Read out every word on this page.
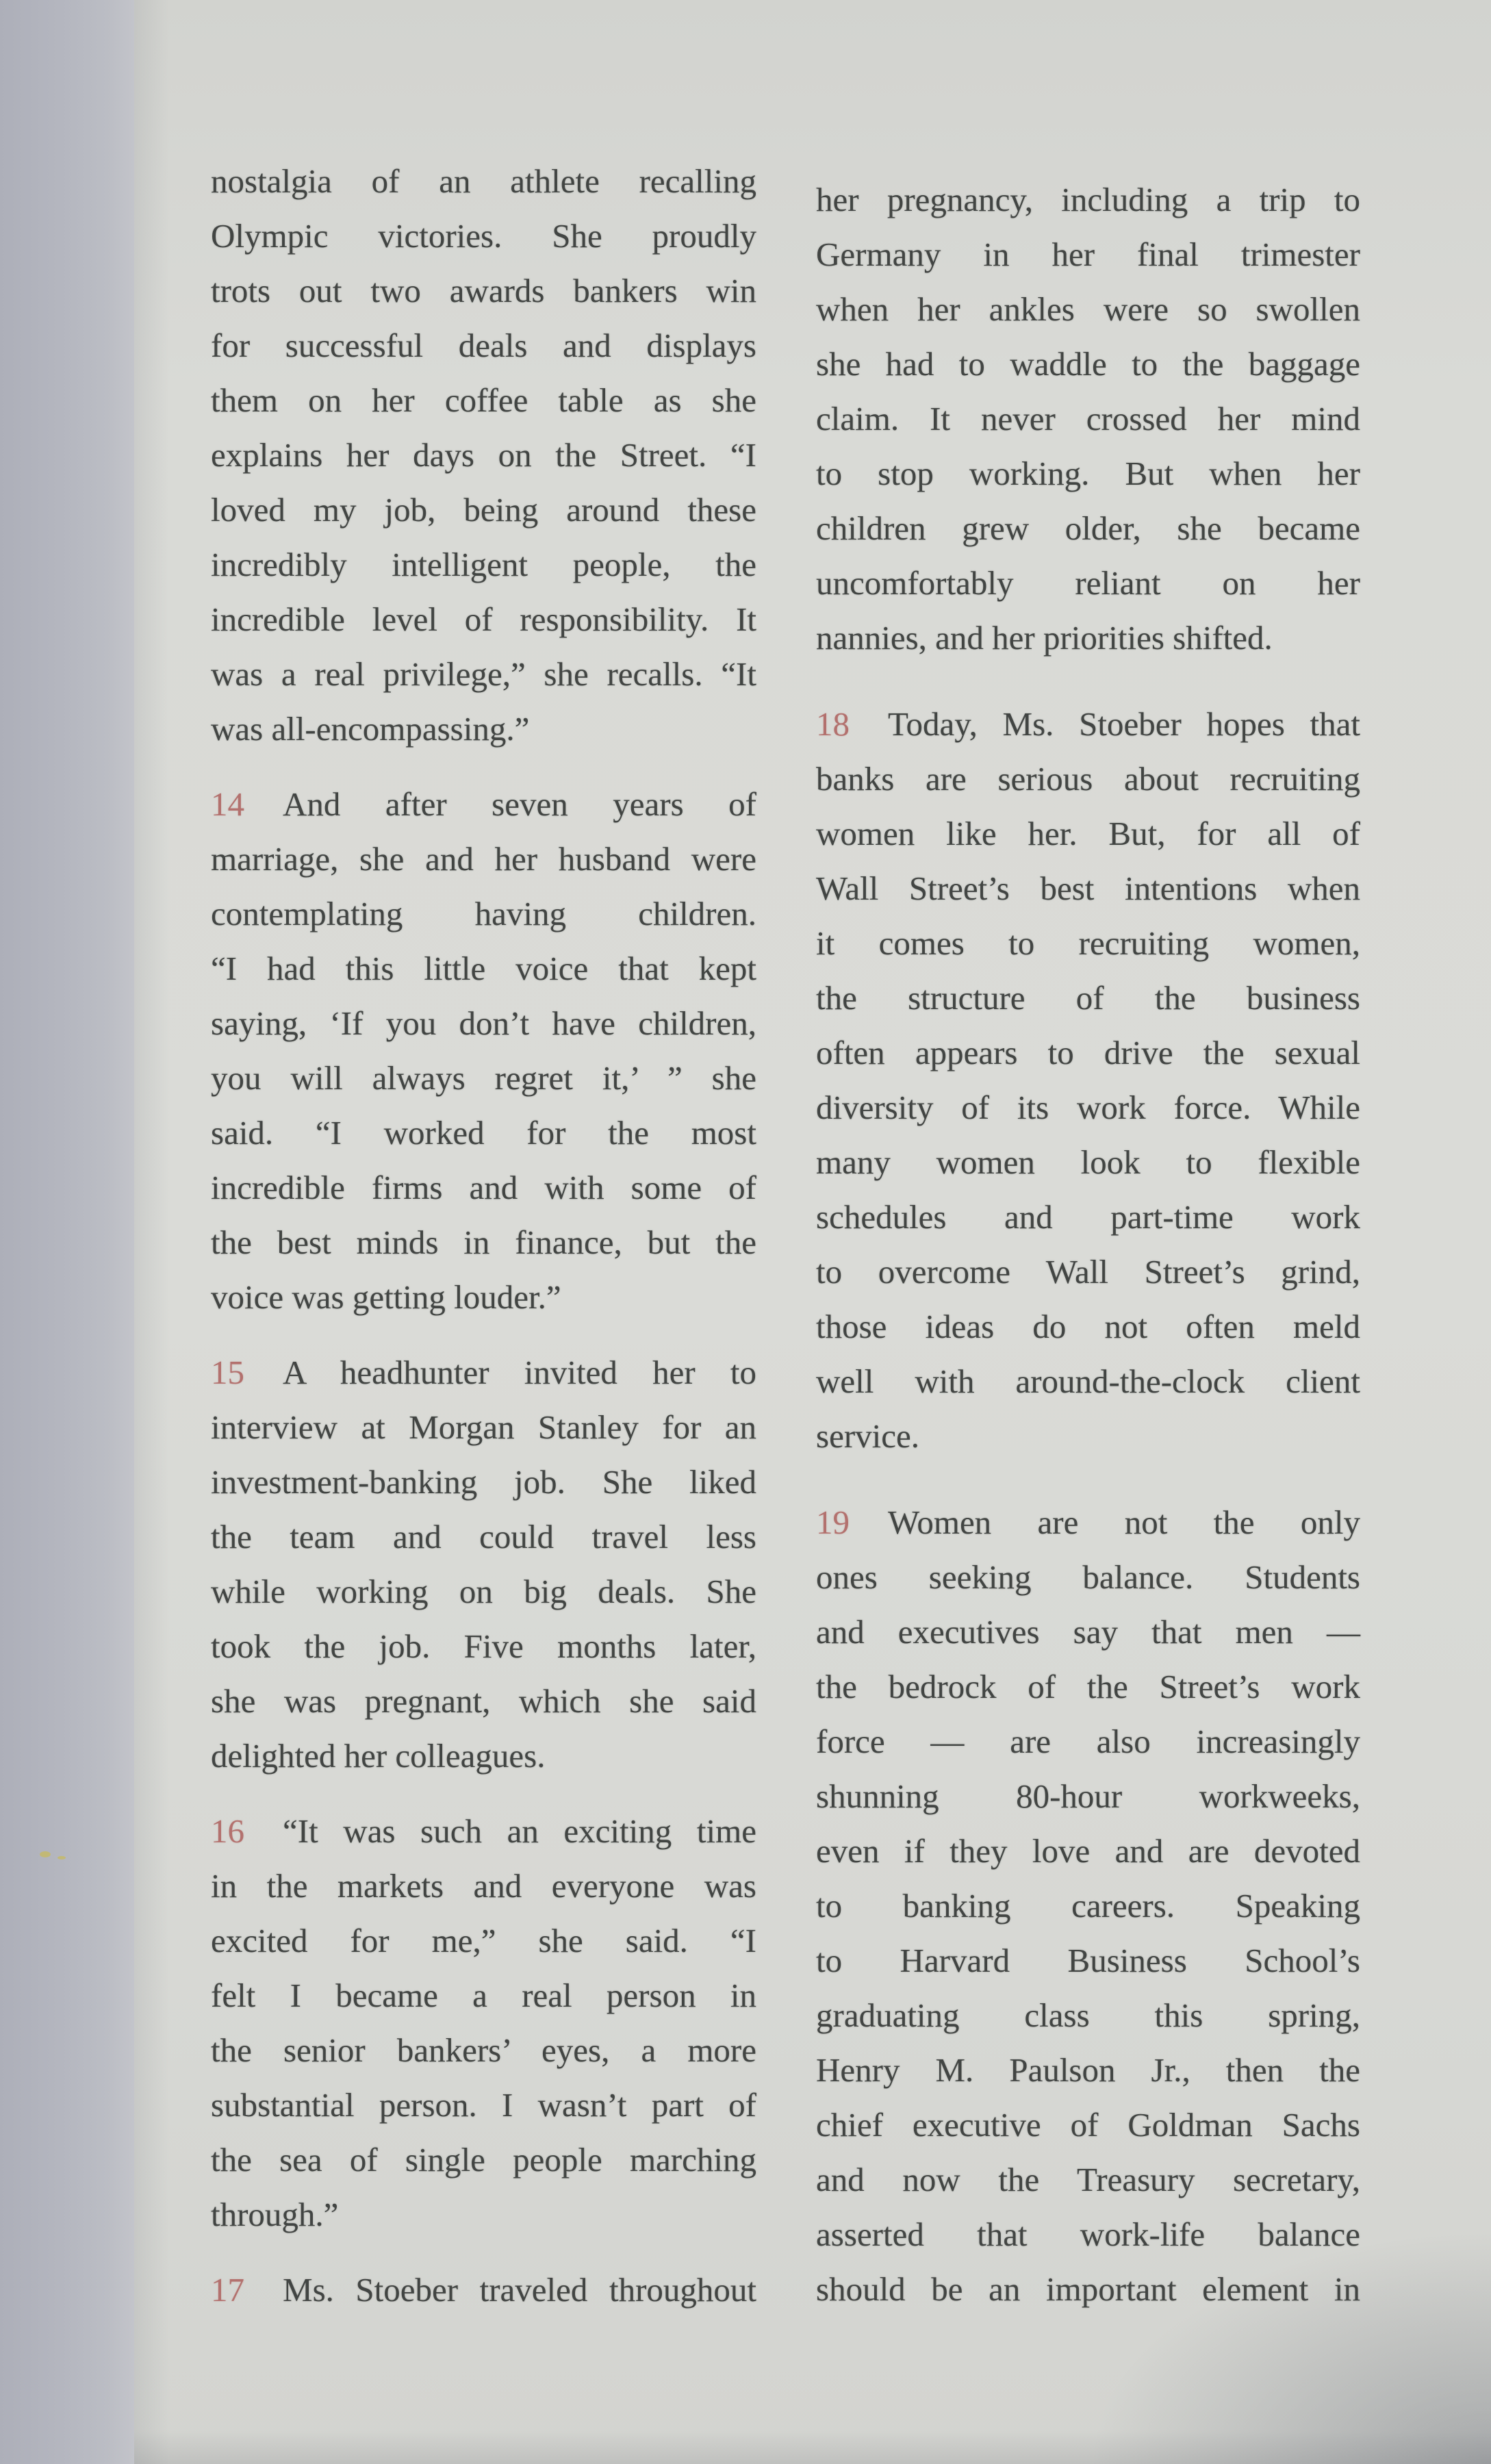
nostalgia of an athlete recalling
Olympic victories. She proudly
trots out two awards bankers win
for successful deals and displays
them on her coffee table as she
explains her days on the Street. “I
loved my job, being around these
incredibly intelligent people, the
incredible level of responsibility. It
was a real privilege,” she recalls. “It
was all-encompassing.”
14 And after seven years of
marriage, she and her husband were
contemplating having children.
“I had this little voice that kept
saying, ‘If you don’t have children,
you will always regret it,’ ” she
said. “I worked for the most
incredible firms and with some of
the best minds in finance, but the
voice was getting louder.”
15 A headhunter invited her to
interview at Morgan Stanley for an
investment-banking job. She liked
the team and could travel less
while working on big deals. She
took the job. Five months later,
she was pregnant, which she said
delighted her colleagues.
16 “It was such an exciting time
in the markets and everyone was
excited for me,” she said. “I
felt I became a real person in
the senior bankers’ eyes, a more
substantial person. I wasn’t part of
the sea of single people marching
through.”
17 Ms. Stoeber traveled throughout
her pregnancy, including a trip to
Germany in her final trimester
when her ankles were so swollen
she had to waddle to the baggage
claim. It never crossed her mind
to stop working. But when her
children grew older, she became
uncomfortably reliant on her
nannies, and her priorities shifted.
18 Today, Ms. Stoeber hopes that
banks are serious about recruiting
women like her. But, for all of
Wall Street’s best intentions when
it comes to recruiting women,
the structure of the business
often appears to drive the sexual
diversity of its work force. While
many women look to flexible
schedules and part-time work
to overcome Wall Street’s grind,
those ideas do not often meld
well with around-the-clock client
service.
19 Women are not the only
ones seeking balance. Students
and executives say that men —
the bedrock of the Street’s work
force — are also increasingly
shunning 80-hour workweeks,
even if they love and are devoted
to banking careers. Speaking
to Harvard Business School’s
graduating class this spring,
Henry M. Paulson Jr., then the
chief executive of Goldman Sachs
and now the Treasury secretary,
asserted that work-life balance
should be an important element in
